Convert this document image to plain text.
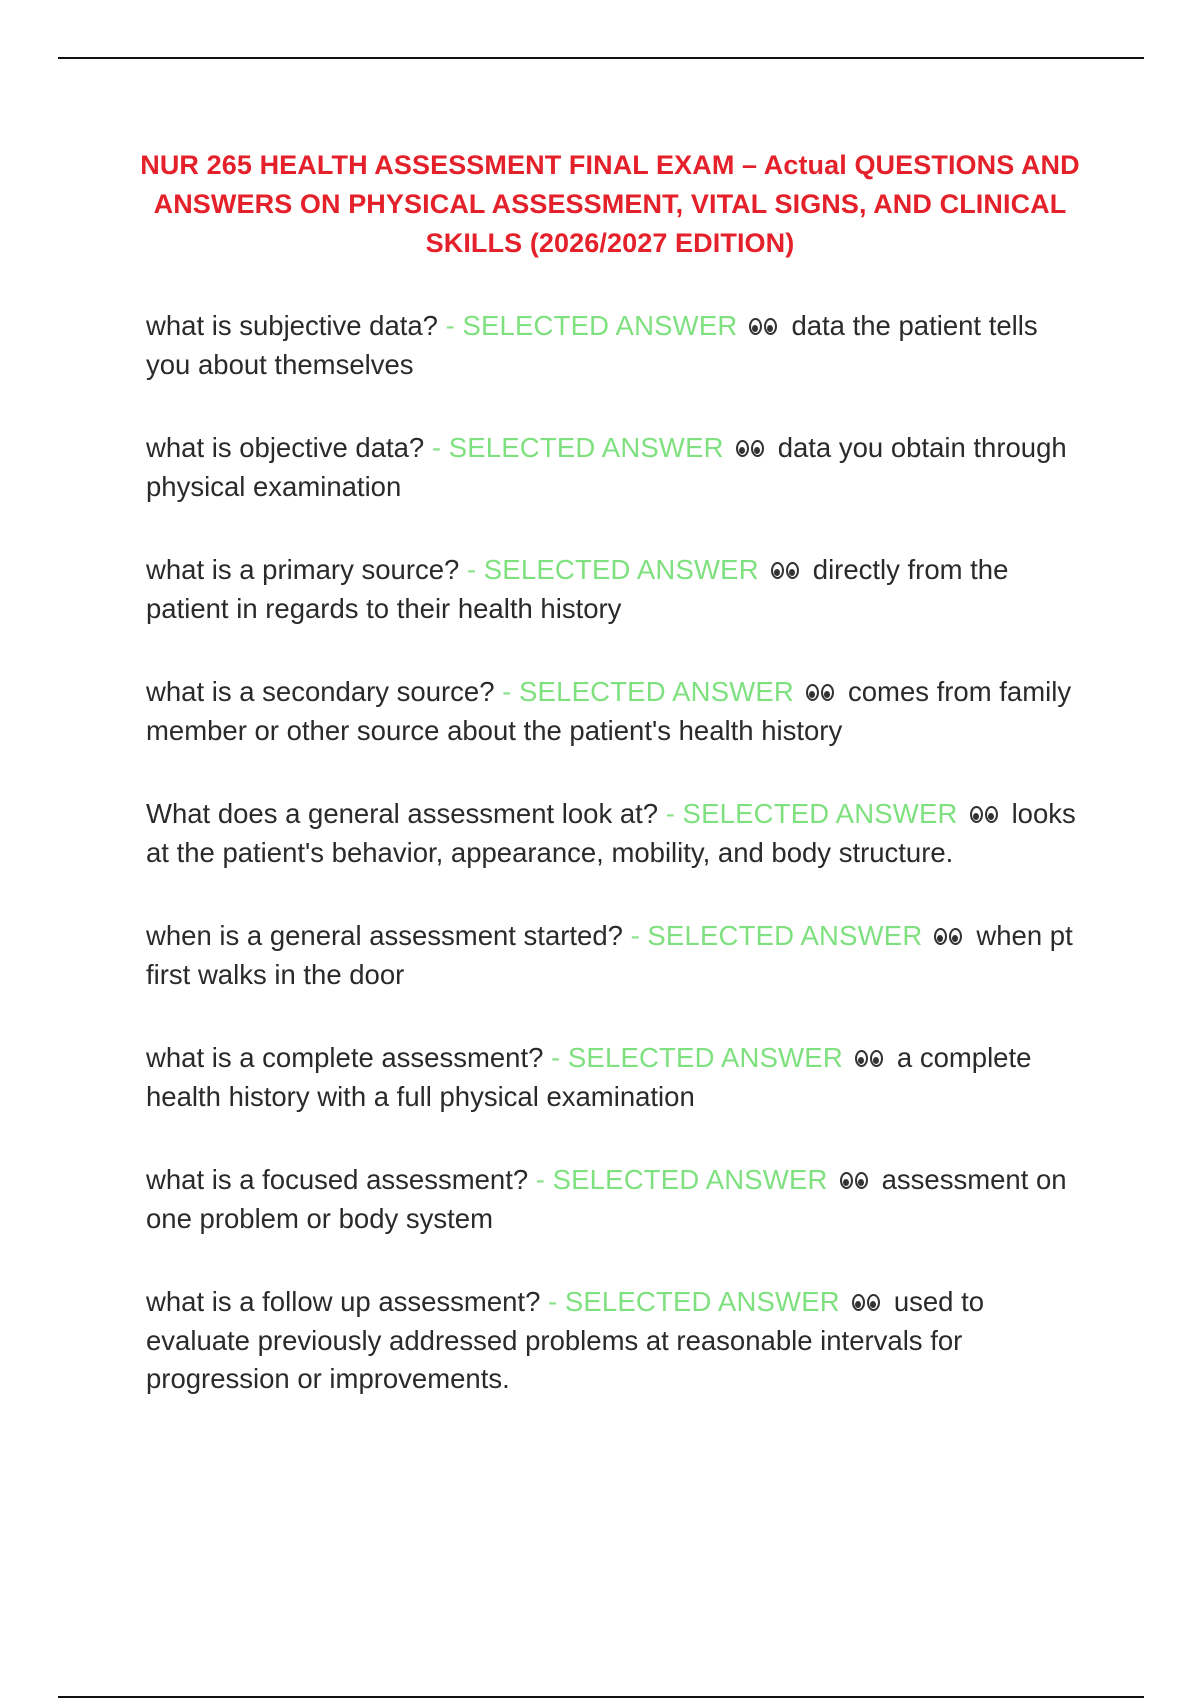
NUR 265 HEALTH ASSESSMENT FINAL EXAM – Actual QUESTIONS AND ANSWERS ON PHYSICAL ASSESSMENT, VITAL SIGNS, AND CLINICAL SKILLS (2026/2027 EDITION)

what is subjective data? - SELECTED ANSWER data the patient tells you about themselves

what is objective data? - SELECTED ANSWER data you obtain through physical examination

what is a primary source? - SELECTED ANSWER directly from the patient in regards to their health history

what is a secondary source? - SELECTED ANSWER comes from family member or other source about the patient's health history

What does a general assessment look at? - SELECTED ANSWER looks at the patient's behavior, appearance, mobility, and body structure.

when is a general assessment started? - SELECTED ANSWER when pt first walks in the door

what is a complete assessment? - SELECTED ANSWER a complete health history with a full physical examination

what is a focused assessment? - SELECTED ANSWER assessment on one problem or body system

what is a follow up assessment? - SELECTED ANSWER used to evaluate previously addressed problems at reasonable intervals for progression or improvements.
